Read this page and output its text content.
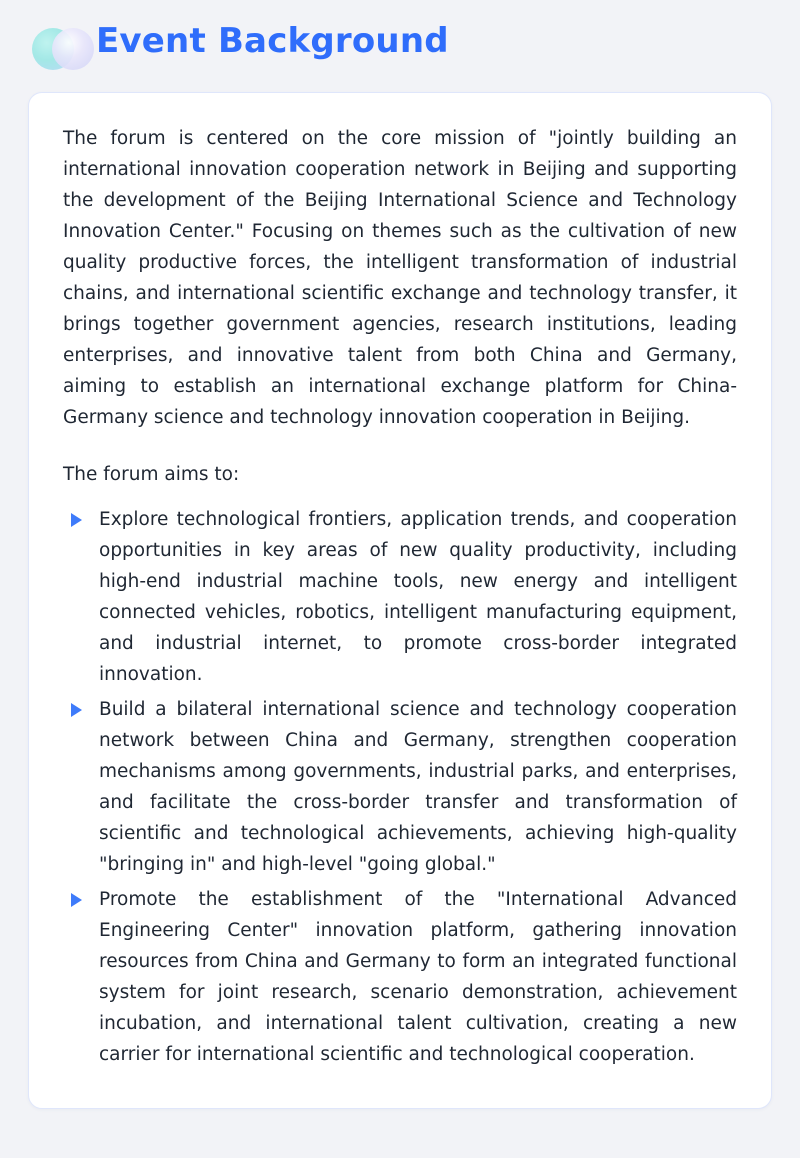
Event Background

The forum is centered on the core mission of "jointly building an international innovation cooperation network in Beijing and supporting the development of the Beijing International Science and Technology Innovation Center." Focusing on themes such as the cultivation of new quality productive forces, the intelligent transformation of industrial chains, and international scientific exchange and technology transfer, it brings together government agencies, research institutions, leading enterprises, and innovative talent from both China and Germany, aiming to establish an international exchange platform for China-Germany science and technology innovation cooperation in Beijing.

The forum aims to:

Explore technological frontiers, application trends, and cooperation opportunities in key areas of new quality productivity, including high-end industrial machine tools, new energy and intelligent connected vehicles, robotics, intelligent manufacturing equipment, and industrial internet, to promote cross-border integrated innovation.
Build a bilateral international science and technology cooperation network between China and Germany, strengthen cooperation mechanisms among governments, industrial parks, and enterprises, and facilitate the cross-border transfer and transformation of scientific and technological achievements, achieving high-quality "bringing in" and high-level "going global."
Promote the establishment of the "International Advanced Engineering Center" innovation platform, gathering innovation resources from China and Germany to form an integrated functional system for joint research, scenario demonstration, achievement incubation, and international talent cultivation, creating a new carrier for international scientific and technological cooperation.
